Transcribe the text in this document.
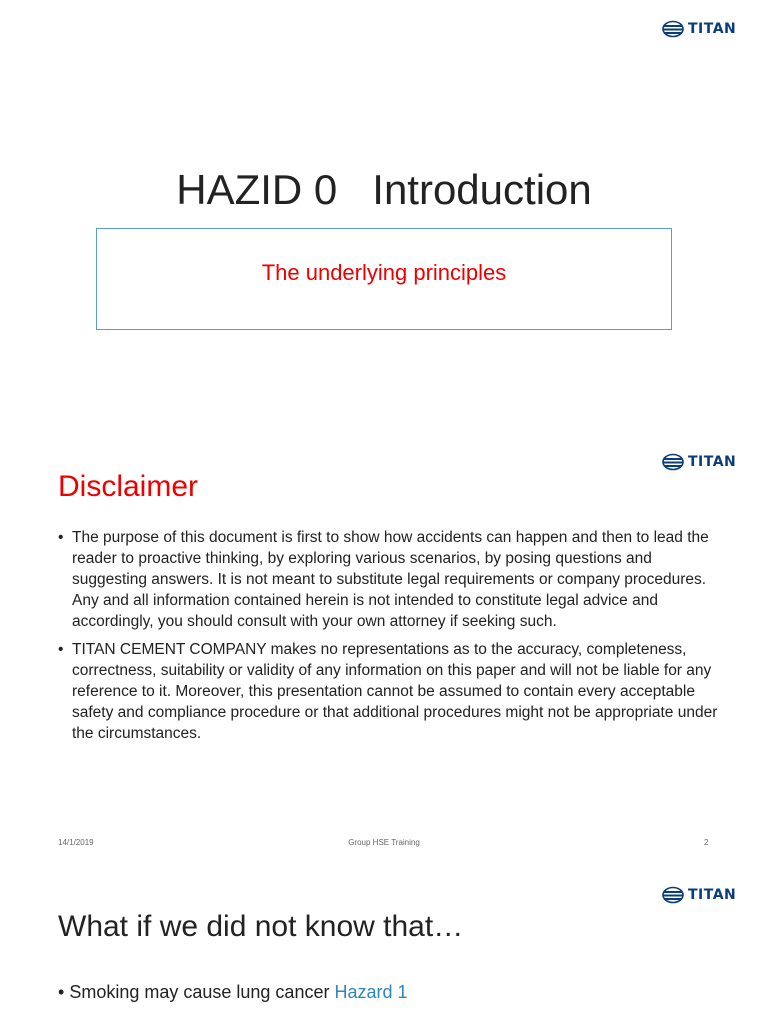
TITAN
HAZID 0   Introduction
The underlying principles
TITAN
Disclaimer
• The purpose of this document is first to show how accidents can happen and then to lead the reader to proactive thinking, by exploring various scenarios, by posing questions and suggesting answers. It is not meant to substitute legal requirements or company procedures. Any and all information contained herein is not intended to constitute legal advice and accordingly, you should consult with your own attorney if seeking such.
• TITAN CEMENT COMPANY makes no representations as to the accuracy, completeness, correctness, suitability or validity of any information on this paper and will not be liable for any reference to it. Moreover, this presentation cannot be assumed to contain every acceptable safety and compliance procedure or that additional procedures might not be appropriate under the circumstances.
14/1/2019	Group HSE Training	2
TITAN
What if we did not know that…
• Smoking may cause lung cancer Hazard 1
